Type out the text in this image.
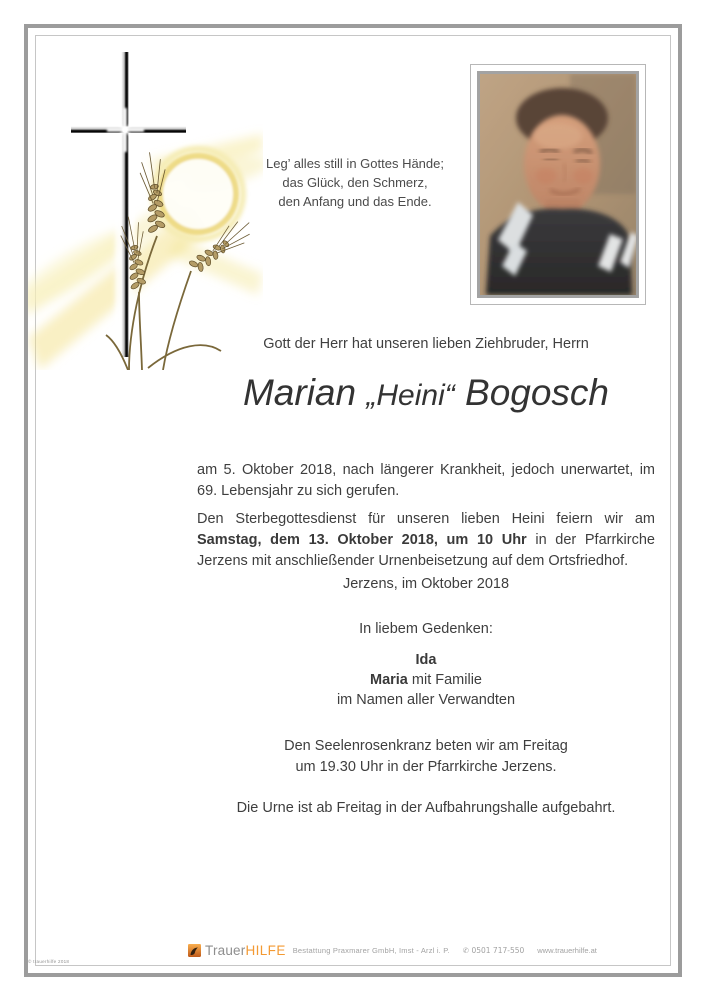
Leg’ alles still in Gottes Hände;
das Glück, den Schmerz,
den Anfang und das Ende.
Gott der Herr hat unseren lieben Ziehbruder, Herrn
Marian „Heini“ Bogosch

am 5. Oktober 2018, nach längerer Krankheit, jedoch unerwartet, im 69. Lebensjahr zu sich gerufen.

Den Sterbegottesdienst für unseren lieben Heini feiern wir am Samstag, dem 13. Oktober 2018, um 10 Uhr in der Pfarrkirche Jerzens mit anschließender Urnenbeisetzung auf dem Ortsfriedhof.

Jerzens, im Oktober 2018
In liebem Gedenken:
Ida
Maria mit Familie
im Namen aller Verwandten
Den Seelenrosenkranz beten wir am Freitag
um 19.30 Uhr in der Pfarrkirche Jerzens.
Die Urne ist ab Freitag in der Aufbahrungshalle aufgebahrt.
Trauer HILFE Bestattung Praxmarer GmbH, Imst - Arzl i. P. ✆ 0501 717-550 www.trauerhilfe.at
© trauerhilfe 2018
